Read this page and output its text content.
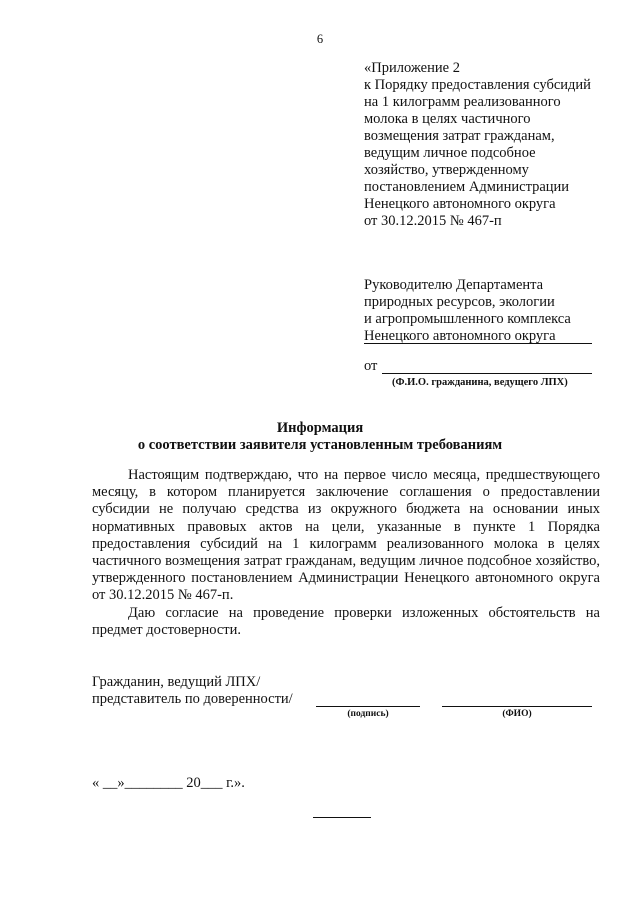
6
«Приложение 2
к Порядку предоставления субсидий
на 1 килограмм реализованного
молока в целях частичного
возмещения затрат гражданам,
ведущим личное подсобное
хозяйство, утвержденному
постановлением Администрации
Ненецкого автономного округа
от 30.12.2015 № 467-п
Руководителю Департамента
природных ресурсов, экологии
и агропромышленного комплекса
Ненецкого автономного округа
от
(Ф.И.О. гражданина, ведущего ЛПХ)
Информация
о соответствии заявителя установленным требованиям

Настоящим подтверждаю, что на первое число месяца, предшествующего месяцу, в котором планируется заключение соглашения о предоставлении субсидии не получаю средства из окружного бюджета на основании иных нормативных правовых актов на цели, указанные в пункте 1 Порядка предоставления субсидий на 1 килограмм реализованного молока в целях частичного возмещения затрат гражданам, ведущим личное подсобное хозяйство, утвержденного постановлением Администрации Ненецкого автономного округа от 30.12.2015 № 467-п.

Даю согласие на проведение проверки изложенных обстоятельств на предмет достоверности.

Гражданин, ведущий ЛПХ/
представитель по доверенности/
(подпись)	(ФИО)
« __»________ 20___ г.».
